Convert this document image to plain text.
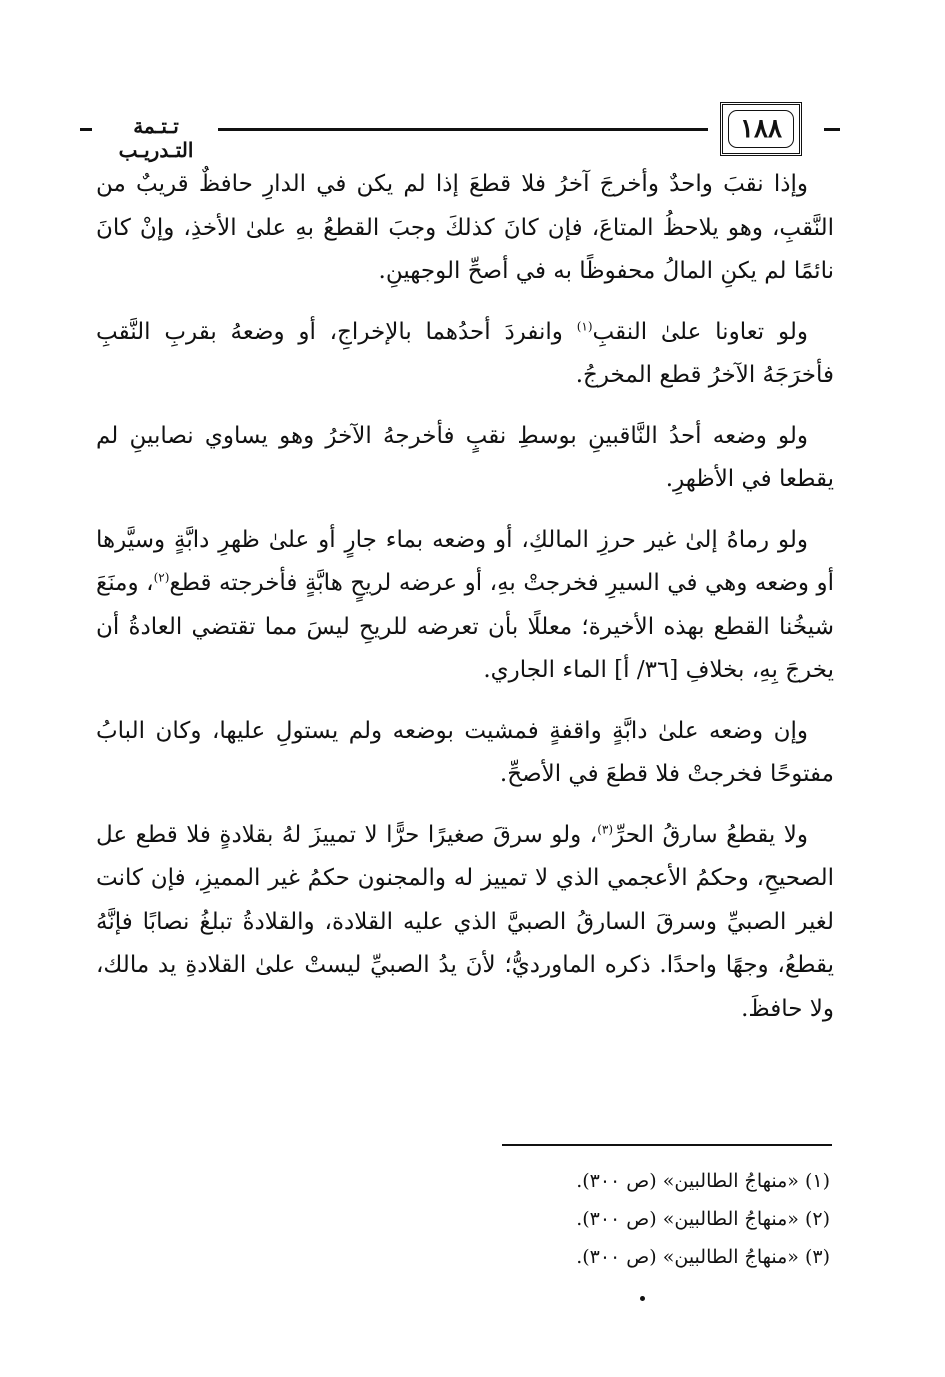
تـتـمة التـدريـب
١٨٨

وإذا نقبَ واحدٌ وأخرجَ آخرُ فلا قطعَ إذا لم يكن في الدارِ حافظٌ قريبٌ من النَّقبِ، وهو يلاحظُ المتاعَ، فإن كانَ كذلكَ وجبَ القطعُ بهِ علىٰ الأخذِ، وإنْ كانَ نائمًا لم يكنِ المالُ محفوظًا به في أصحِّ الوجهينِ.

ولو تعاونا علىٰ النقبِ$^{(١)}$ وانفردَ أحدُهما بالإخراجِ، أو وضعهُ بقربِ النَّقبِ فأخرَجَهُ الآخرُ قطع المخرجُ.

ولو وضعه أحدُ النَّاقبينِ بوسطِ نقبٍ فأخرجهُ الآخرُ وهو يساوي نصابينِ لم يقطعا في الأظهرِ.

ولو رماهُ إلىٰ غير حرزِ المالكِ، أو وضعه بماء جارٍ أو علىٰ ظهرِ دابَّةٍ وسيَّرها أو وضعه وهي في السيرِ فخرجتْ بهِ، أو عرضه لريحٍ هابَّةٍ فأخرجته قطع$^{(٢)}$، ومنَعَ شيخُنا القطع بهذه الأخيرة؛ معللًا بأن تعرضه للريحِ ليسَ مما تقتضي العادةُ أن يخرجَ بِهِ، بخلافِ [٣٦/ أ] الماء الجاري.

وإن وضعه علىٰ دابَّةٍ واقفةٍ فمشيت بوضعه ولم يستولِ عليها، وكان البابُ مفتوحًا فخرجتْ فلا قطعَ في الأصحِّ.

ولا يقطعُ سارقُ الحرِّ$^{(٣)}$، ولو سرقَ صغيرًا حرًّا لا تمييزَ لهُ بقلادةٍ فلا قطع عل الصحيحِ، وحكمُ الأعجمي الذي لا تمييز له والمجنون حكمُ غير المميزِ، فإن كانت لغير الصبيِّ وسرقَ السارقُ الصبيَّ الذي عليه القلادة، والقلادةُ تبلغُ نصابًا فإنَّهُ يقطعُ، وجهًا واحدًا. ذكره الماورديُّ؛ لأنَ يدُ الصبيِّ ليستْ علىٰ القلادةِ يد مالك، ولا حافظَ.

(١) «منهاجُ الطالبين» (ص ٣٠٠).
(٢) «منهاجُ الطالبين» (ص ٣٠٠).
(٣) «منهاجُ الطالبين» (ص ٣٠٠).
